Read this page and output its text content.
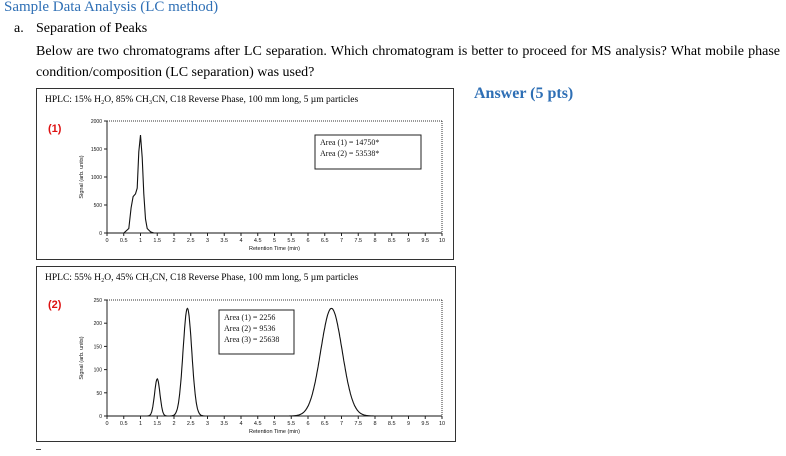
Sample Data Analysis (LC method)
a. Separation of Peaks
Below are two chromatograms after LC separation. Which chromatogram is better to proceed for MS analysis? What mobile phase condition/composition (LC separation) was used?
Answer (5 pts)
HPLC: 15% H₂O, 85% CH₃CN, C18 Reverse Phase, 100 mm long, 5 µm particles
0 0.5 1 1.5 2 2.5 3 3.5 4 4.5 5 5.5 6 6.5 7 7.5 8 8.5 9 9.5 10
0
500
1000
1500
2000
Retention Time (min)
Signal (arb. units)
Area (1) = 14750*
Area (2) = 53538*
(1)
HPLC: 55% H₂O, 45% CH₃CN, C18 Reverse Phase, 100 mm long, 5 µm particles
0 0.5 1 1.5 2 2.5 3 3.5 4 4.5 5 5.5 6 6.5 7 7.5 8 8.5 9 9.5 10
0
50
100
150
200
250
Retention Time (min)
Signal (arb. units)
Area (1) = 2256
Area (2) = 9536
Area (3) = 25638
(2)
